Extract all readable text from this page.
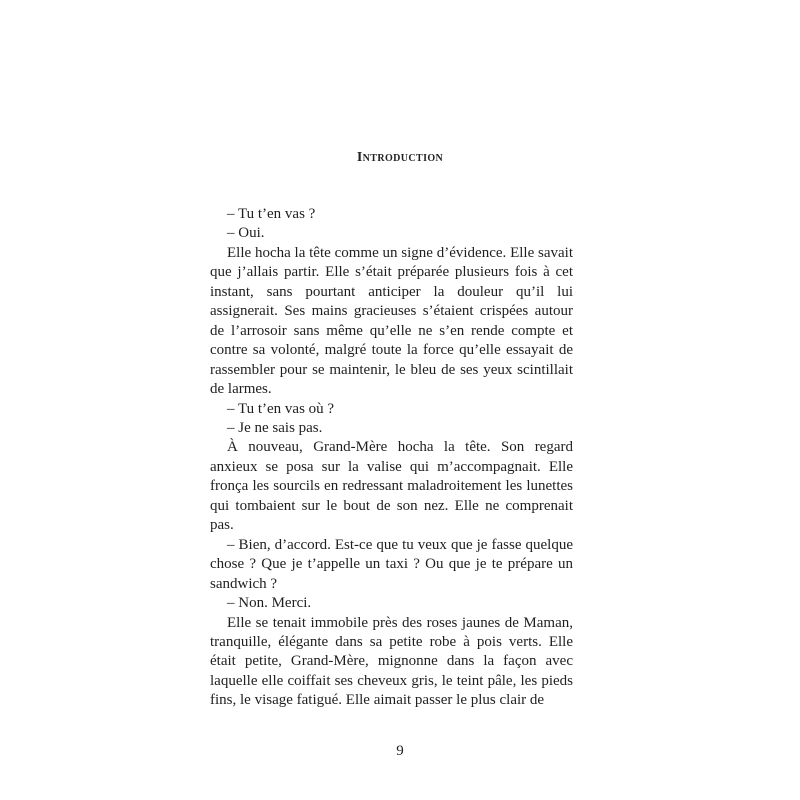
Introduction

– Tu t’en vas ?

– Oui.

Elle hocha la tête comme un signe d’évidence. Elle savait que j’allais partir. Elle s’était préparée plusieurs fois à cet instant, sans pourtant anticiper la douleur qu’il lui assignerait. Ses mains gracieuses s’étaient crispées autour de l’arrosoir sans même qu’elle ne s’en rende compte et contre sa volonté, malgré toute la force qu’elle essayait de rassembler pour se maintenir, le bleu de ses yeux scintillait de larmes.

– Tu t’en vas où ?

– Je ne sais pas.

À nouveau, Grand-Mère hocha la tête. Son regard anxieux se posa sur la valise qui m’accompagnait. Elle fronça les sourcils en redressant maladroitement les lunettes qui tombaient sur le bout de son nez. Elle ne comprenait pas.

– Bien, d’accord. Est-ce que tu veux que je fasse quelque chose ? Que je t’appelle un taxi ? Ou que je te prépare un sandwich ?

– Non. Merci.

Elle se tenait immobile près des roses jaunes de Maman, tranquille, élégante dans sa petite robe à pois verts. Elle était petite, Grand-Mère, mignonne dans la façon avec laquelle elle coiffait ses cheveux gris, le teint pâle, les pieds fins, le visage fatigué. Elle aimait passer le plus clair de

9
